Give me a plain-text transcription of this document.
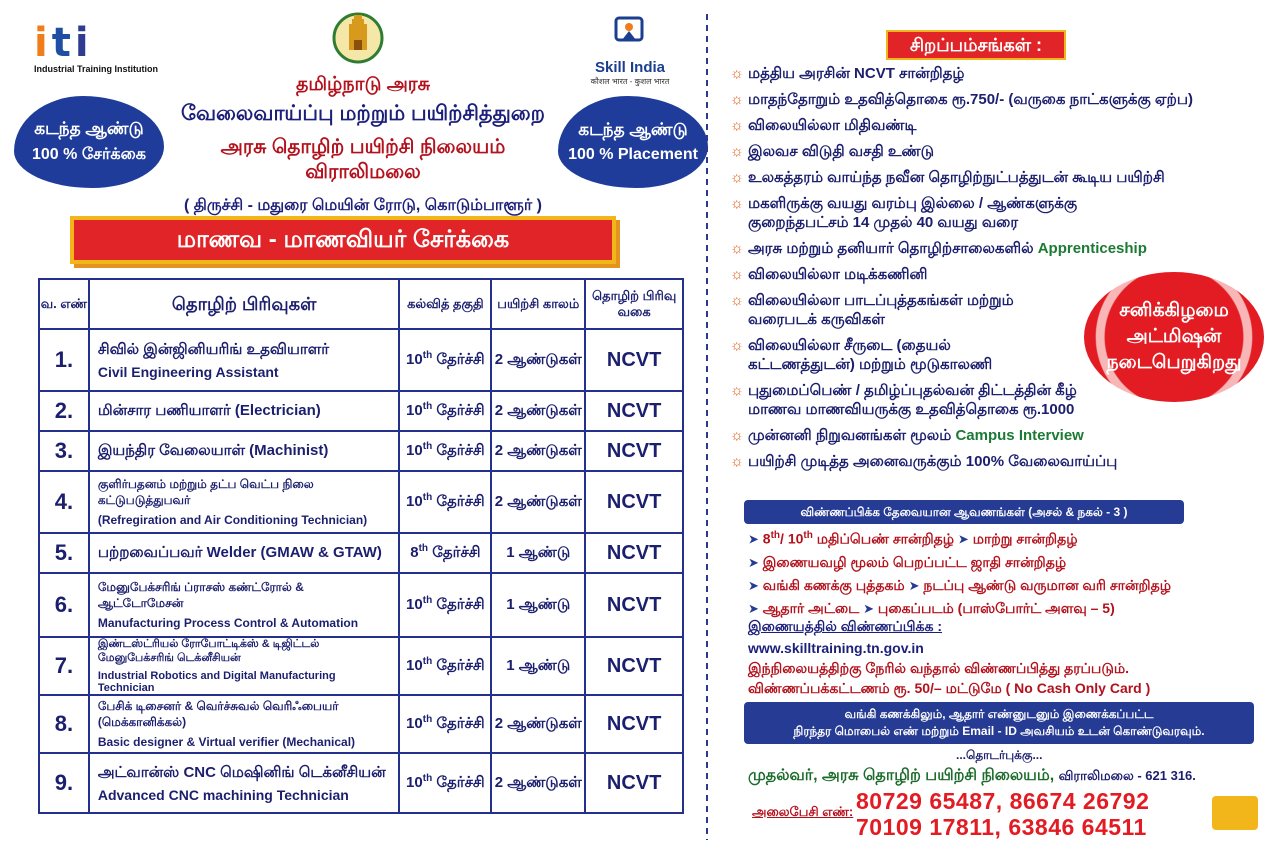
iti
Industrial Training Institution	Skill India
कौशल भारत - कुशल भारत
கடந்த ஆண்டு
100 % சேர்க்கை
கடந்த ஆண்டு
100 % Placement
தமிழ்நாடு அரசு
வேலைவாய்ப்பு மற்றும் பயிற்சித்துறை
அரசு தொழிற் பயிற்சி நிலையம் விராலிமலை
( திருச்சி - மதுரை மெயின் ரோடு, கொடும்பாளூர் )
மாணவ - மாணவியர் சேர்க்கை
வ. எண்	தொழிற் பிரிவுகள்	கல்வித் தகுதி	பயிற்சி காலம்	தொழிற் பிரிவு வகை
1.	சிவில் இன்ஜினியரிங் உதவியாளர்
Civil Engineering Assistant	10th தேர்ச்சி	2 ஆண்டுகள்	NCVT
2.	மின்சார பணியாளர் (Electrician)	10th தேர்ச்சி	2 ஆண்டுகள்	NCVT
3.	இயந்திர வேலையாள் (Machinist)	10th தேர்ச்சி	2 ஆண்டுகள்	NCVT
4.	குளிர்பதனம் மற்றும் தட்ப வெட்ப நிலை கட்டுபடுத்துபவர்
(Refregiration and Air Conditioning Technician)	10th தேர்ச்சி	2 ஆண்டுகள்	NCVT
5.	பற்றவைப்பவர் Welder (GMAW & GTAW)	8th தேர்ச்சி	1 ஆண்டு	NCVT
6.	மேனுபேக்சரிங் ப்ராசஸ் கண்ட்ரோல் & ஆட்டோமேசன்
Manufacturing Process Control & Automation	10th தேர்ச்சி	1 ஆண்டு	NCVT
7.	இண்டஸ்ட்ரியல் ரோபோட்டிக்ஸ் & டிஜிட்டல் மேனுபேக்சரிங் டெக்னீசியன்
Industrial Robotics and Digital Manufacturing Technician	10th தேர்ச்சி	1 ஆண்டு	NCVT
8.	பேசிக் டிசைனர் & வெர்ச்சுவல் வெரிஃபையர் (மெக்கானிக்கல்)
Basic designer & Virtual verifier (Mechanical)	10th தேர்ச்சி	2 ஆண்டுகள்	NCVT
9.	அட்வான்ஸ் CNC மெஷினிங் டெக்னீசியன்
Advanced CNC machining Technician	10th தேர்ச்சி	2 ஆண்டுகள்	NCVT
சிறப்பம்சங்கள் :
☼ மத்திய அரசின் NCVT சான்றிதழ்
☼ மாதந்தோறும் உதவித்தொகை ரூ.750/- (வருகை நாட்களுக்கு ஏற்ப)
☼ விலையில்லா மிதிவண்டி
☼ இலவச விடுதி வசதி உண்டு
☼ உலகத்தரம் வாய்ந்த நவீன தொழிற்நுட்பத்துடன் கூடிய பயிற்சி
☼ மகளிருக்கு வயது வரம்பு இல்லை / ஆண்களுக்கு குறைந்தபட்சம் 14 முதல் 40 வயது வரை
☼ அரசு மற்றும் தனியார் தொழிற்சாலைகளில்
Apprenticeship
☼ விலையில்லா மடிக்கணினி
☼ விலையில்லா பாடப்புத்தகங்கள் மற்றும் வரைபடக் கருவிகள்
☼ விலையில்லா சீருடை (தையல் கட்டணத்துடன்) மற்றும் மூடுகாலணி
☼ புதுமைப்பெண் / தமிழ்ப்புதல்வன் திட்டத்தின் கீழ் மாணவ மாணவியருக்கு உதவித்தொகை ரூ.1000
☼ முன்னனி நிறுவனங்கள் மூலம்
Campus Interview
☼ பயிற்சி முடித்த அனைவருக்கும் 100% வேலைவாய்ப்பு
சனிக்கிழமை
அட்மிஷன்
நடைபெறுகிறது
விண்ணப்பிக்க தேவையான ஆவணங்கள் (அசல் & நகல் - 3 )
➤ 8th/ 10th மதிப்பெண் சான்றிதழ் ➤ மாற்று சான்றிதழ்
➤ இணையவழி மூலம் பெறப்பட்ட ஜாதி சான்றிதழ்
➤ வங்கி கணக்கு புத்தகம் ➤ நடப்பு ஆண்டு வருமான வரி சான்றிதழ்
➤ ஆதார் அட்டை ➤ புகைப்படம் (பாஸ்போர்ட் அளவு – 5)
இணையத்தில் விண்ணப்பிக்க :
www.skilltraining.tn.gov.in
இந்நிலையத்திற்கு நேரில் வந்தால் விண்ணப்பித்து தரப்படும்.
விண்ணப்பக்கட்டணம் ரூ. 50/– மட்டுமே ( No Cash Only Card )
வங்கி கணக்கிலும், ஆதார் எண்னுடனும் இணைக்கப்பட்ட
நிரந்தர மொபைல் எண் மற்றும் Email - ID அவசியம் உடன் கொண்டுவரவும்.
...தொடர்புக்கு...
முதல்வர், அரசு தொழிற் பயிற்சி நிலையம், விராலிமலை - 621 316.
அலைபேசி எண்: 80729 65487, 86674 26792
70109 17811, 63846 64511
